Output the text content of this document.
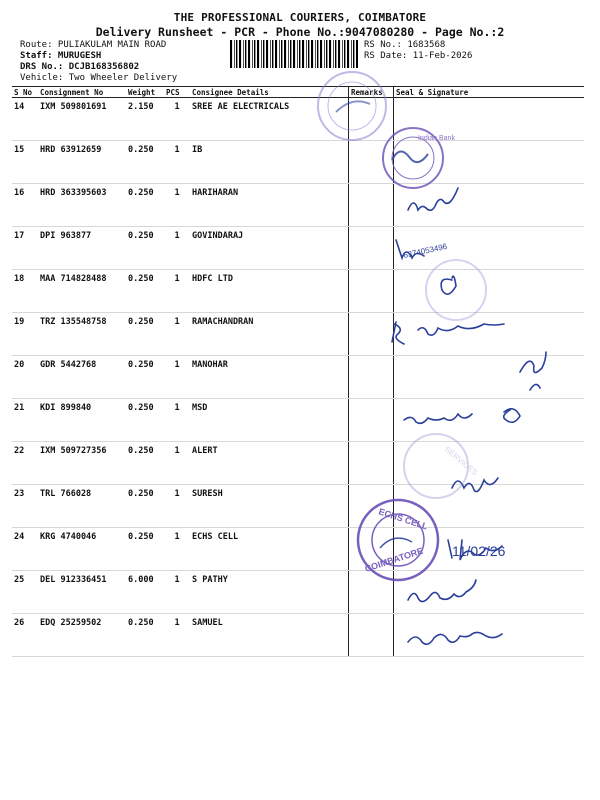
THE PROFESSIONAL COURIERS, COIMBATORE
Delivery Runsheet - PCR - Phone No.:9047080280 - Page No.:2
Route: PULIAKULAM MAIN ROAD
Staff: MURUGESH
DRS No.: DCJB168356802
Vehicle: Two Wheeler Delivery
RS No.: 1683568
RS Date: 11-Feb-2026
S No	Consignment No	Weight	PCS	Consignee Details	Remarks	Seal & Signature
14	IXM 509801691	2.150	1	SREE AE ELECTRICALS		
15	HRD 63912659	0.250	1	IB		
16	HRD 363395603	0.250	1	HARIHARAN		
17	DPI 963877	0.250	1	GOVINDARAJ		
18	MAA 714828488	0.250	1	HDFC LTD		
19	TRZ 135548758	0.250	1	RAMACHANDRAN		
20	GDR 5442768	0.250	1	MANOHAR		
21	KDI 899840	0.250	1	MSD		
22	IXM 509727356	0.250	1	ALERT		
23	TRL 766028	0.250	1	SURESH		
24	KRG 4740046	0.250	1	ECHS CELL		
25	DEL 912336451	6.000	1	S PATHY		
26	EDQ 25259502	0.250	1	SAMUEL		
Indian Bank
6374053496
11/02/26
SERVICES
ECHS CELL
COIMBATORE
